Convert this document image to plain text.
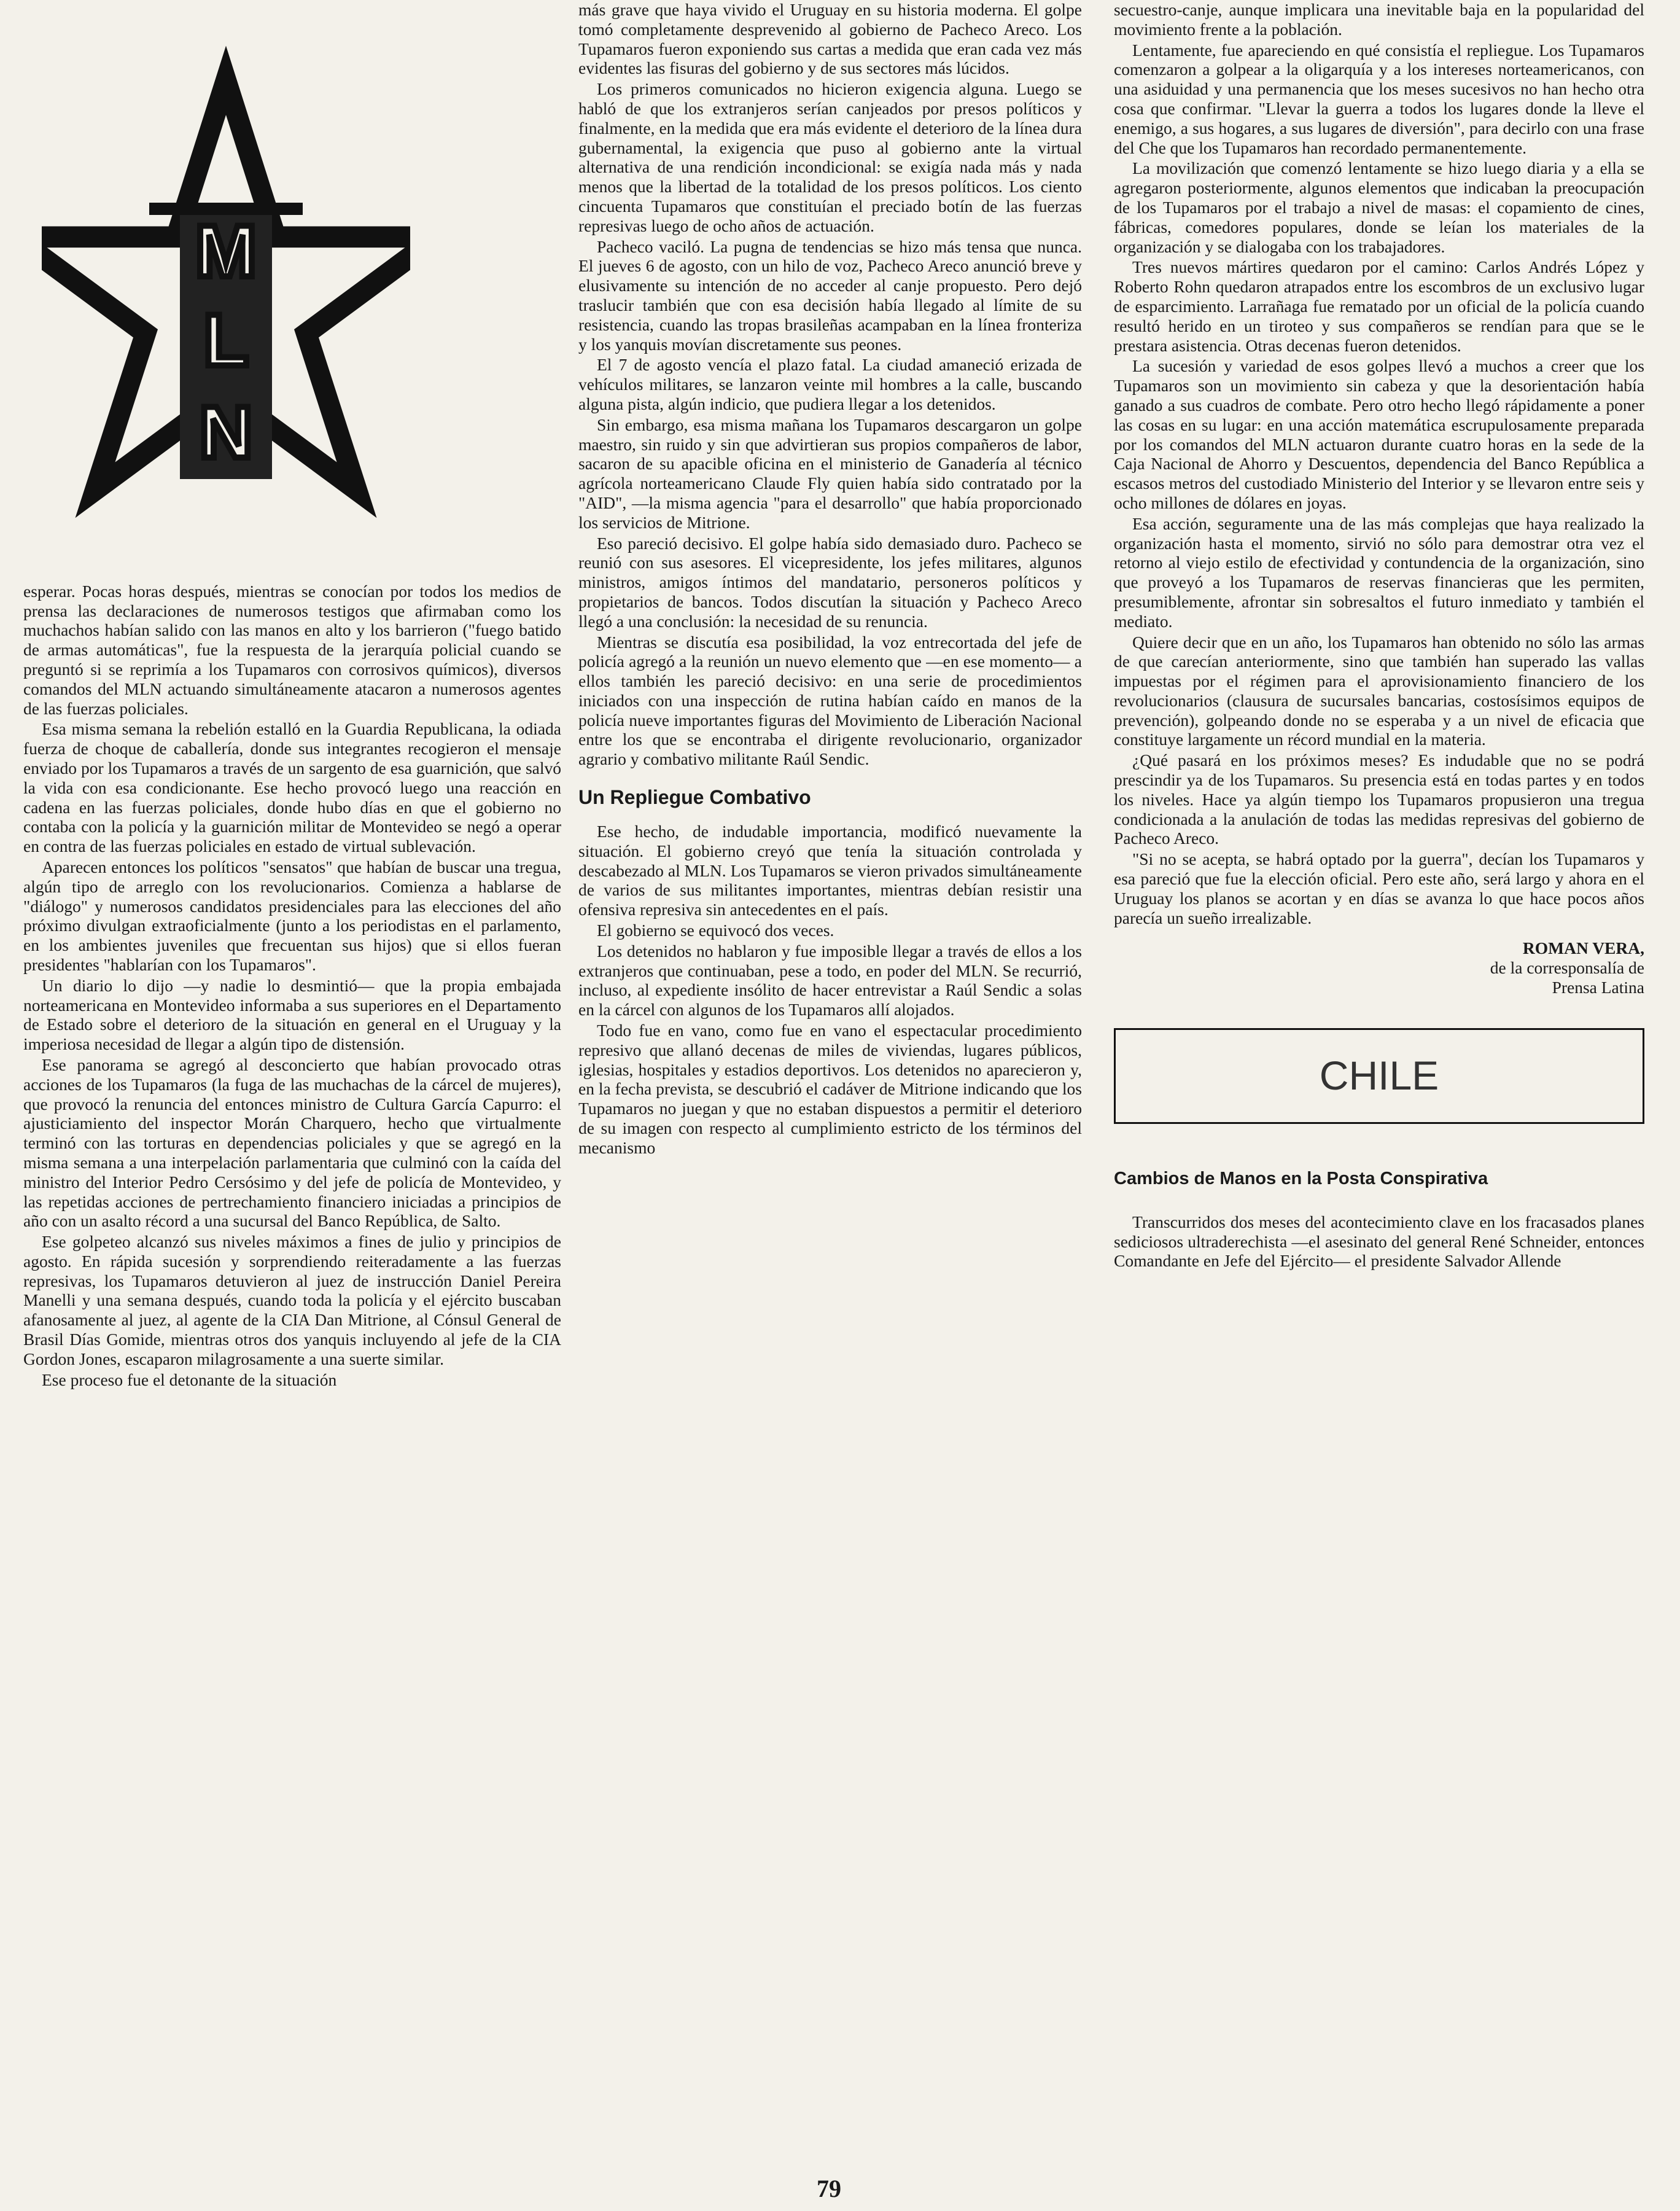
M
L
N

esperar. Pocas horas después, mientras se conocían por todos los medios de prensa las declaraciones de numerosos testigos que afirmaban como los muchachos habían salido con las manos en alto y los barrieron ("fuego batido de armas automáticas", fue la respuesta de la jerarquía policial cuando se preguntó si se reprimía a los Tupamaros con corrosivos químicos), diversos comandos del MLN actuando simultáneamente atacaron a numerosos agentes de las fuerzas policiales.

Esa misma semana la rebelión estalló en la Guardia Republicana, la odiada fuerza de choque de caballería, donde sus integrantes recogieron el mensaje enviado por los Tupamaros a través de un sargento de esa guarnición, que salvó la vida con esa condicionante. Ese hecho provocó luego una reacción en cadena en las fuerzas policiales, donde hubo días en que el gobierno no contaba con la policía y la guarnición militar de Montevideo se negó a operar en contra de las fuerzas policiales en estado de virtual sublevación.

Aparecen entonces los políticos "sensatos" que habían de buscar una tregua, algún tipo de arreglo con los revolucionarios. Comienza a hablarse de "diálogo" y numerosos candidatos presidenciales para las elecciones del año próximo divulgan extraoficialmente (junto a los periodistas en el parlamento, en los ambientes juveniles que frecuentan sus hijos) que si ellos fueran presidentes "hablarían con los Tupamaros".

Un diario lo dijo —y nadie lo desmintió— que la propia embajada norteamericana en Montevideo informaba a sus superiores en el Departamento de Estado sobre el deterioro de la situación en general en el Uruguay y la imperiosa necesidad de llegar a algún tipo de distensión.

Ese panorama se agregó al desconcierto que habían provocado otras acciones de los Tupamaros (la fuga de las muchachas de la cárcel de mujeres), que provocó la renuncia del entonces ministro de Cultura García Capurro: el ajusticiamiento del inspector Morán Charquero, hecho que virtualmente terminó con las torturas en dependencias policiales y que se agregó en la misma semana a una interpelación parlamentaria que culminó con la caída del ministro del Interior Pedro Cersósimo y del jefe de policía de Montevideo, y las repetidas acciones de pertrechamiento financiero iniciadas a principios de año con un asalto récord a una sucursal del Banco República, de Salto.

Ese golpeteo alcanzó sus niveles máximos a fines de julio y principios de agosto. En rápida sucesión y sorprendiendo reiteradamente a las fuerzas represivas, los Tupamaros detuvieron al juez de instrucción Daniel Pereira Manelli y una semana después, cuando toda la policía y el ejército buscaban afanosamente al juez, al agente de la CIA Dan Mitrione, al Cónsul General de Brasil Días Gomide, mientras otros dos yanquis incluyendo al jefe de la CIA Gordon Jones, escaparon milagrosamente a una suerte similar.

Ese proceso fue el detonante de la situación

más grave que haya vivido el Uruguay en su historia moderna. El golpe tomó completamente desprevenido al gobierno de Pacheco Areco. Los Tupamaros fueron exponiendo sus cartas a medida que eran cada vez más evidentes las fisuras del gobierno y de sus sectores más lúcidos.

Los primeros comunicados no hicieron exigencia alguna. Luego se habló de que los extranjeros serían canjeados por presos políticos y finalmente, en la medida que era más evidente el deterioro de la línea dura gubernamental, la exigencia que puso al gobierno ante la virtual alternativa de una rendición incondicional: se exigía nada más y nada menos que la libertad de la totalidad de los presos políticos. Los ciento cincuenta Tupamaros que constituían el preciado botín de las fuerzas represivas luego de ocho años de actuación.

Pacheco vaciló. La pugna de tendencias se hizo más tensa que nunca. El jueves 6 de agosto, con un hilo de voz, Pacheco Areco anunció breve y elusivamente su intención de no acceder al canje propuesto. Pero dejó traslucir también que con esa decisión había llegado al límite de su resistencia, cuando las tropas brasileñas acampaban en la línea fronteriza y los yanquis movían discretamente sus peones.

El 7 de agosto vencía el plazo fatal. La ciudad amaneció erizada de vehículos militares, se lanzaron veinte mil hombres a la calle, buscando alguna pista, algún indicio, que pudiera llegar a los detenidos.

Sin embargo, esa misma mañana los Tupamaros descargaron un golpe maestro, sin ruido y sin que advirtieran sus propios compañeros de labor, sacaron de su apacible oficina en el ministerio de Ganadería al técnico agrícola norteamericano Claude Fly quien había sido contratado por la "AID", —la misma agencia "para el desarrollo" que había proporcionado los servicios de Mitrione.

Eso pareció decisivo. El golpe había sido demasiado duro. Pacheco se reunió con sus asesores. El vicepresidente, los jefes militares, algunos ministros, amigos íntimos del mandatario, personeros políticos y propietarios de bancos. Todos discutían la situación y Pacheco Areco llegó a una conclusión: la necesidad de su renuncia.

Mientras se discutía esa posibilidad, la voz entrecortada del jefe de policía agregó a la reunión un nuevo elemento que —en ese momento— a ellos también les pareció decisivo: en una serie de procedimientos iniciados con una inspección de rutina habían caído en manos de la policía nueve importantes figuras del Movimiento de Liberación Nacional entre los que se encontraba el dirigente revolucionario, organizador agrario y combativo militante Raúl Sendic.

Un Repliegue Combativo

Ese hecho, de indudable importancia, modificó nuevamente la situación. El gobierno creyó que tenía la situación controlada y descabezado al MLN. Los Tupamaros se vieron privados simultáneamente de varios de sus militantes importantes, mientras debían resistir una ofensiva represiva sin antecedentes en el país.

El gobierno se equivocó dos veces.

Los detenidos no hablaron y fue imposible llegar a través de ellos a los extranjeros que continuaban, pese a todo, en poder del MLN. Se recurrió, incluso, al expediente insólito de hacer entrevistar a Raúl Sendic a solas en la cárcel con algunos de los Tupamaros allí alojados.

Todo fue en vano, como fue en vano el espectacular procedimiento represivo que allanó decenas de miles de viviendas, lugares públicos, iglesias, hospitales y estadios deportivos. Los detenidos no aparecieron y, en la fecha prevista, se descubrió el cadáver de Mitrione indicando que los Tupamaros no juegan y que no estaban dispuestos a permitir el deterioro de su imagen con respecto al cumplimiento estricto de los términos del mecanismo

secuestro-canje, aunque implicara una inevitable baja en la popularidad del movimiento frente a la población.

Lentamente, fue apareciendo en qué consistía el repliegue. Los Tupamaros comenzaron a golpear a la oligarquía y a los intereses norteamericanos, con una asiduidad y una permanencia que los meses sucesivos no han hecho otra cosa que confirmar. "Llevar la guerra a todos los lugares donde la lleve el enemigo, a sus hogares, a sus lugares de diversión", para decirlo con una frase del Che que los Tupamaros han recordado permanentemente.

La movilización que comenzó lentamente se hizo luego diaria y a ella se agregaron posteriormente, algunos elementos que indicaban la preocupación de los Tupamaros por el trabajo a nivel de masas: el copamiento de cines, fábricas, comedores populares, donde se leían los materiales de la organización y se dialogaba con los trabajadores.

Tres nuevos mártires quedaron por el camino: Carlos Andrés López y Roberto Rohn quedaron atrapados entre los escombros de un exclusivo lugar de esparcimiento. Larrañaga fue rematado por un oficial de la policía cuando resultó herido en un tiroteo y sus compañeros se rendían para que se le prestara asistencia. Otras decenas fueron detenidos.

La sucesión y variedad de esos golpes llevó a muchos a creer que los Tupamaros son un movimiento sin cabeza y que la desorientación había ganado a sus cuadros de combate. Pero otro hecho llegó rápidamente a poner las cosas en su lugar: en una acción matemática escrupulosamente preparada por los comandos del MLN actuaron durante cuatro horas en la sede de la Caja Nacional de Ahorro y Descuentos, dependencia del Banco República a escasos metros del custodiado Ministerio del Interior y se llevaron entre seis y ocho millones de dólares en joyas.

Esa acción, seguramente una de las más complejas que haya realizado la organización hasta el momento, sirvió no sólo para demostrar otra vez el retorno al viejo estilo de efectividad y contundencia de la organización, sino que proveyó a los Tupamaros de reservas financieras que les permiten, presumiblemente, afrontar sin sobresaltos el futuro inmediato y también el mediato.

Quiere decir que en un año, los Tupamaros han obtenido no sólo las armas de que carecían anteriormente, sino que también han superado las vallas impuestas por el régimen para el aprovisionamiento financiero de los revolucionarios (clausura de sucursales bancarias, costosísimos equipos de prevención), golpeando donde no se esperaba y a un nivel de eficacia que constituye largamente un récord mundial en la materia.

¿Qué pasará en los próximos meses? Es indudable que no se podrá prescindir ya de los Tupamaros. Su presencia está en todas partes y en todos los niveles. Hace ya algún tiempo los Tupamaros propusieron una tregua condicionada a la anulación de todas las medidas represivas del gobierno de Pacheco Areco.

"Si no se acepta, se habrá optado por la guerra", decían los Tupamaros y esa pareció que fue la elección oficial. Pero este año, será largo y ahora en el Uruguay los planos se acortan y en días se avanza lo que hace pocos años parecía un sueño irrealizable.

ROMAN VERA,
de la corresponsalía de
Prensa Latina
CHILE
Cambios de Manos en la Posta Conspirativa

Transcurridos dos meses del acontecimiento clave en los fracasados planes sediciosos ultraderechista —el asesinato del general René Schneider, entonces Comandante en Jefe del Ejército— el presidente Salvador Allende

79
